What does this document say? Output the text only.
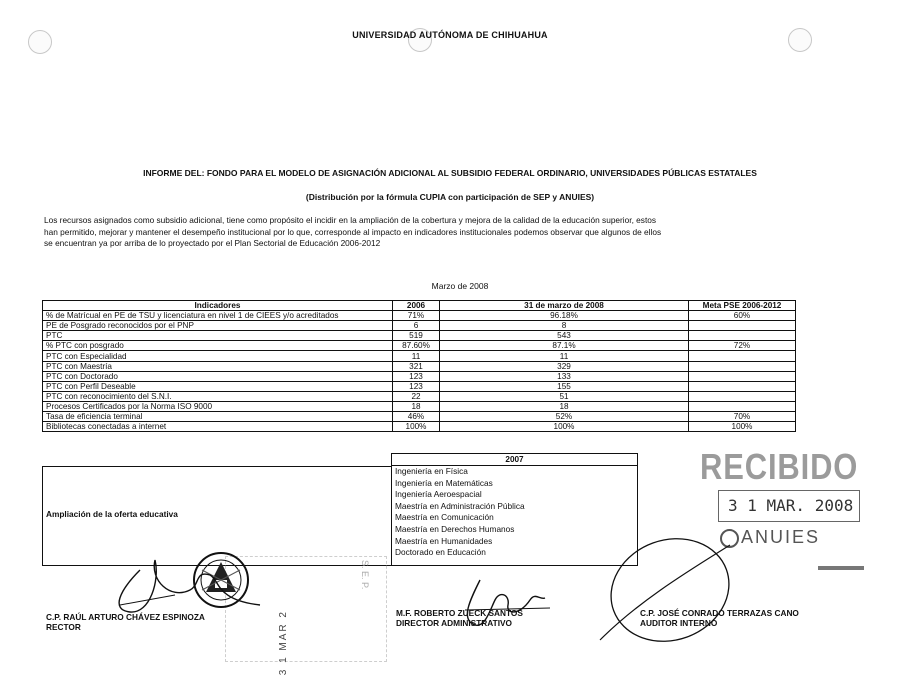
UNIVERSIDAD AUTÓNOMA DE CHIHUAHUA
INFORME DEL: FONDO PARA EL MODELO DE ASIGNACIÓN ADICIONAL AL SUBSIDIO FEDERAL ORDINARIO, UNIVERSIDADES PÚBLICAS ESTATALES
(Distribución por la fórmula CUPIA con participación de SEP y ANUIES)
Los recursos asignados como subsidio adicional, tiene como propósito el incidir en la ampliación de la cobertura y mejora de la calidad de la educación superior, estos
han permitido, mejorar y mantener el desempeño institucional por lo que, corresponde al impacto en indicadores institucionales podemos observar que algunos de ellos
se encuentran ya por arriba de lo proyectado por el Plan Sectorial de Educación 2006-2012
Marzo de 2008
Indicadores	2006	31 de marzo de 2008	Meta PSE 2006-2012
% de Matrícual en PE de TSU y licenciatura en nivel 1 de CIEES y/o acreditados	71%	96.18%	60%
PE de Posgrado reconocidos por el PNP	6	8	
PTC	519	543	
% PTC con posgrado	87.60%	87.1%	72%
PTC con Especialidad	11	11	
PTC con Maestría	321	329	
PTC con Doctorado	123	133	
PTC con Perfil Deseable	123	155	
PTC con reconocimiento del S.N.I.	22	51	
Procesos Certificados por la Norma ISO 9000	18	18	
Tasa de eficiencia terminal	46%	52%	70%
Bibliotecas conectadas a internet	100%	100%	100%
Ampliación de la oferta educativa
2007
Ingeniería en Física
Ingeniería en Matemáticas
Ingeniería Aeroespacial
Maestría en Administración Pública
Maestría en Comunicación
Maestría en Derechos Humanos
Maestría en Humanidades
Doctorado en Educación
RECIBIDO
3 1 MAR. 2008
ANUIES
S. E. P.
3 1 MAR 2
C.P. RAÚL ARTURO CHÁVEZ ESPINOZA
RECTOR
M.F. ROBERTO ZUECK SANTOS
DIRECTOR ADMINISTRATIVO
C.P. JOSÉ CONRADO TERRAZAS CANO
AUDITOR INTERNO
